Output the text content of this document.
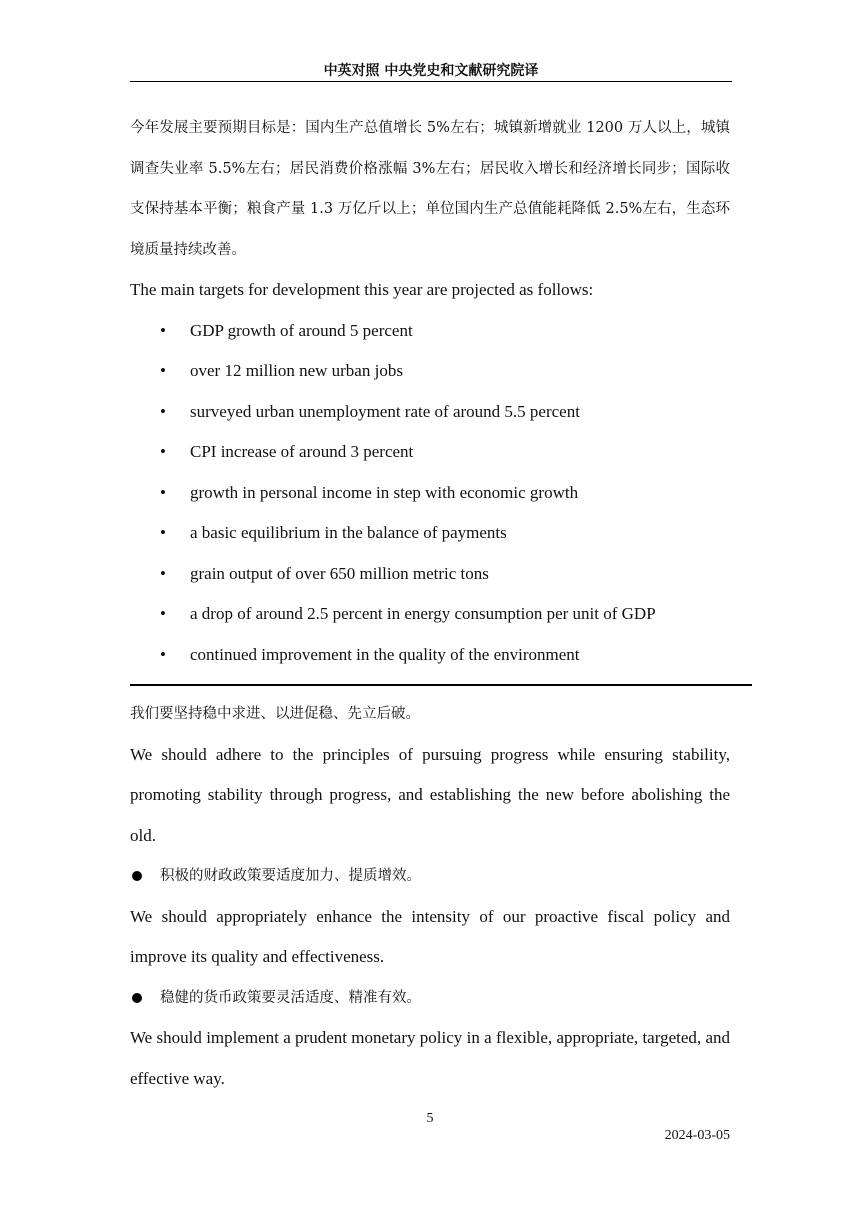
中英对照 中央党史和文献研究院译

今年发展主要预期目标是：国内生产总值增长 5%左右；城镇新增就业 1200 万人以上，城镇调查失业率 5.5%左右；居民消费价格涨幅 3%左右；居民收入增长和经济增长同步；国际收支保持基本平衡；粮食产量 1.3 万亿斤以上；单位国内生产总值能耗降低 2.5%左右，生态环境质量持续改善。

The main targets for development this year are projected as follows:

• GDP growth of around 5 percent
• over 12 million new urban jobs
• surveyed urban unemployment rate of around 5.5 percent
• CPI increase of around 3 percent
• growth in personal income in step with economic growth
• a basic equilibrium in the balance of payments
• grain output of over 650 million metric tons
• a drop of around 2.5 percent in energy consumption per unit of GDP
• continued improvement in the quality of the environment

我们要坚持稳中求进、以进促稳、先立后破。

We should adhere to the principles of pursuing progress while ensuring stability, promoting stability through progress, and establishing the new before abolishing the old.

积极的财政政策要适度加力、提质增效。

We should appropriately enhance the intensity of our proactive fiscal policy and improve its quality and effectiveness.

稳健的货币政策要灵活适度、精准有效。

We should implement a prudent monetary policy in a flexible, appropriate, targeted, and effective way.

5
2024-03-05
